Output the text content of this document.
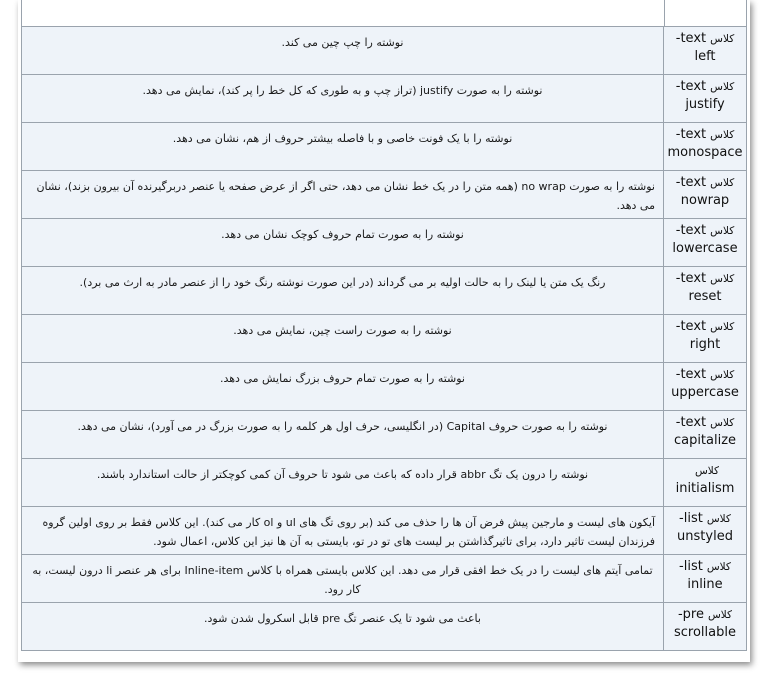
کلاس-text
left	نوشته را چپ چین می کند.

کلاس-text
justify	نوشته را به صورت justify (تراز چپ و به طوری که کل خط را پر کند)، نمایش می دهد.

کلاس-text
monospace	نوشته را با یک فونت خاصی و با فاصله بیشتر حروف از هم، نشان می دهد.

کلاس-text
nowrap	نوشته را به صورت no wrap (همه متن را در یک خط نشان می دهد، حتی اگر از عرض صفحه یا عنصر دربرگیرنده آن بیرون بزند)، نشان می دهد.

کلاس-text
lowercase	نوشته را به صورت تمام حروف کوچک نشان می دهد.

کلاس-text
reset	رنگ یک متن یا لینک را به حالت اولیه بر می گرداند (در این صورت نوشته رنگ خود را از عنصر مادر به ارث می برد).

کلاس-text
right	نوشته را به صورت راست چین، نمایش می دهد.

کلاس-text
uppercase	نوشته را به صورت تمام حروف بزرگ نمایش می دهد.

کلاس-text
capitalize	نوشته را به صورت حروف Capital (در انگلیسی، حرف اول هر کلمه را به صورت بزرگ در می آورد)، نشان می دهد.

کلاس
initialism	نوشته را درون یک تگ abbr قرار داده که باعث می شود تا حروف آن کمی کوچکتر از حالت استاندارد باشند.

کلاس-list
unstyled	آیکون های لیست و مارجین پیش فرض آن ها را حذف می کند (بر روی تگ های ul و ol کار می کند). این کلاس فقط بر روی اولین گروه فرزندان لیست تاثیر دارد، برای تاثیرگذاشتن بر لیست های تو در تو، بایستی به آن ها نیز این کلاس، اعمال شود.

کلاس-list
inline	تمامی آیتم های لیست را در یک خط افقی قرار می دهد. این کلاس بایستی همراه با کلاس Inline-item برای هر عنصر li درون لیست، به کار رود.

کلاس-pre
scrollable	باعث می شود تا یک عنصر تگ pre قابل اسکرول شدن شود.
